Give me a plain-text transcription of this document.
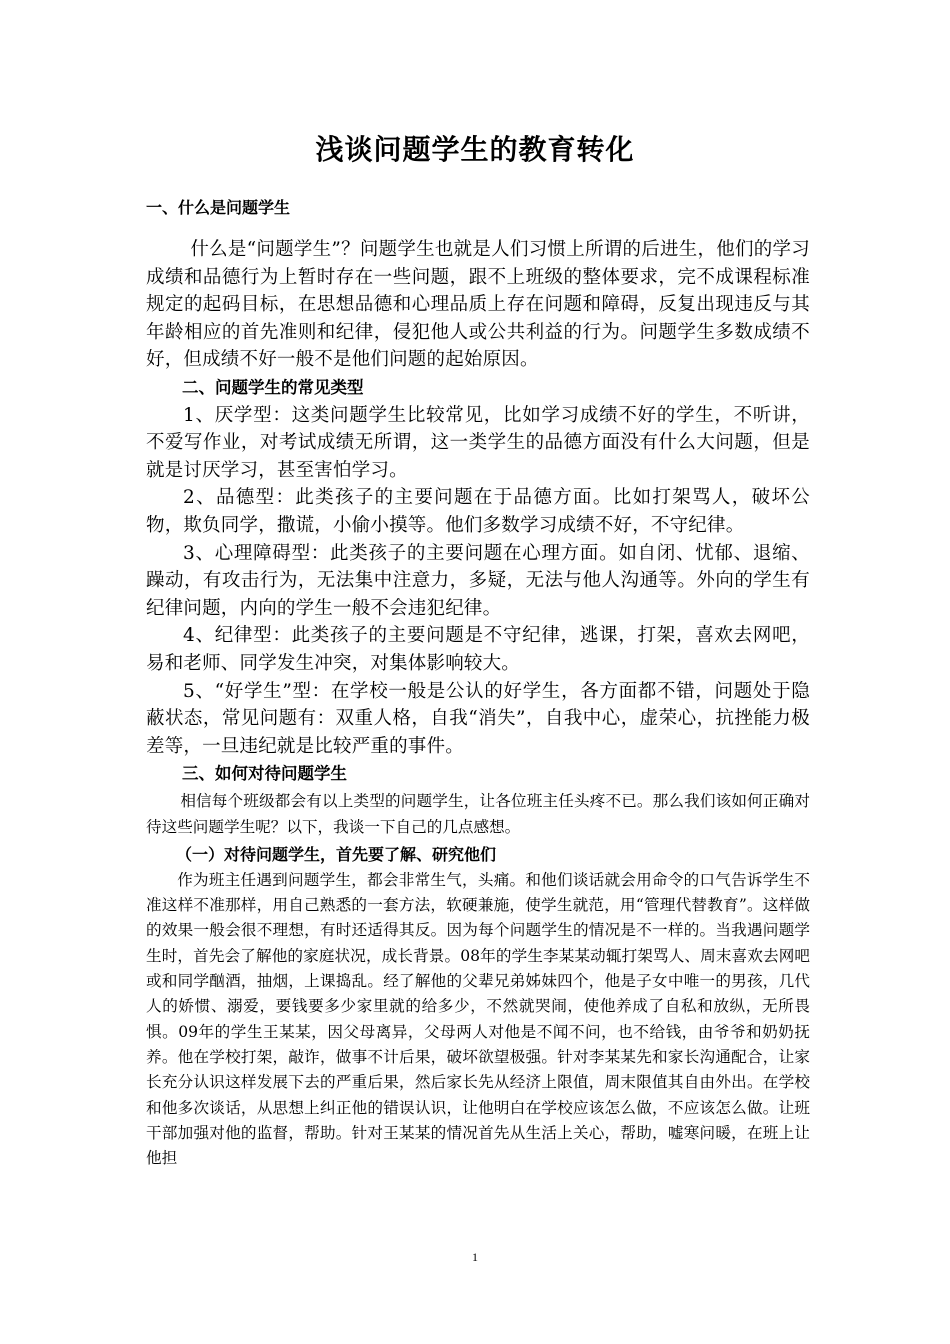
浅谈问题学生的教育转化

一、什么是问题学生

什么是“问题学生”？问题学生也就是人们习惯上所谓的后进生，他们的学习成绩和品德行为上暂时存在一些问题，跟不上班级的整体要求，完不成课程标准规定的起码目标，在思想品德和心理品质上存在问题和障碍，反复出现违反与其年龄相应的首先准则和纪律，侵犯他人或公共利益的行为。问题学生多数成绩不好，但成绩不好一般不是他们问题的起始原因。

二、问题学生的常见类型

1、厌学型：这类问题学生比较常见，比如学习成绩不好的学生，不听讲，不爱写作业，对考试成绩无所谓，这一类学生的品德方面没有什么大问题，但是就是讨厌学习，甚至害怕学习。

2、品德型：此类孩子的主要问题在于品德方面。比如打架骂人，破坏公物，欺负同学，撒谎，小偷小摸等。他们多数学习成绩不好，不守纪律。

3、心理障碍型：此类孩子的主要问题在心理方面。如自闭、忧郁、退缩、躁动，有攻击行为，无法集中注意力，多疑，无法与他人沟通等。外向的学生有纪律问题，内向的学生一般不会违犯纪律。

4、纪律型：此类孩子的主要问题是不守纪律，逃课，打架，喜欢去网吧，易和老师、同学发生冲突，对集体影响较大。

5、“好学生”型：在学校一般是公认的好学生，各方面都不错，问题处于隐蔽状态，常见问题有：双重人格，自我“消失”，自我中心，虚荣心，抗挫能力极差等，一旦违纪就是比较严重的事件。

三、如何对待问题学生

相信每个班级都会有以上类型的问题学生，让各位班主任头疼不已。那么我们该如何正确对待这些问题学生呢？以下，我谈一下自己的几点感想。

（一）对待问题学生，首先要了解、研究他们

作为班主任遇到问题学生，都会非常生气，头痛。和他们谈话就会用命令的口气告诉学生不准这样不准那样，用自己熟悉的一套方法，软硬兼施，使学生就范，用“管理代替教育”。这样做的效果一般会很不理想，有时还适得其反。因为每个问题学生的情况是不一样的。当我遇问题学生时，首先会了解他的家庭状况，成长背景。08年的学生李某某动辄打架骂人、周末喜欢去网吧或和同学酗酒，抽烟，上课捣乱。经了解他的父辈兄弟姊妹四个，他是子女中唯一的男孩，几代人的娇惯、溺爱，要钱要多少家里就的给多少，不然就哭闹，使他养成了自私和放纵，无所畏惧。09年的学生王某某，因父母离异，父母两人对他是不闻不问，也不给钱，由爷爷和奶奶抚养。他在学校打架，敲诈，做事不计后果，破坏欲望极强。针对李某某先和家长沟通配合，让家长充分认识这样发展下去的严重后果，然后家长先从经济上限值，周末限值其自由外出。在学校和他多次谈话，从思想上纠正他的错误认识，让他明白在学校应该怎么做，不应该怎么做。让班干部加强对他的监督，帮助。针对王某某的情况首先从生活上关心，帮助，嘘寒问暖，在班上让他担

1
